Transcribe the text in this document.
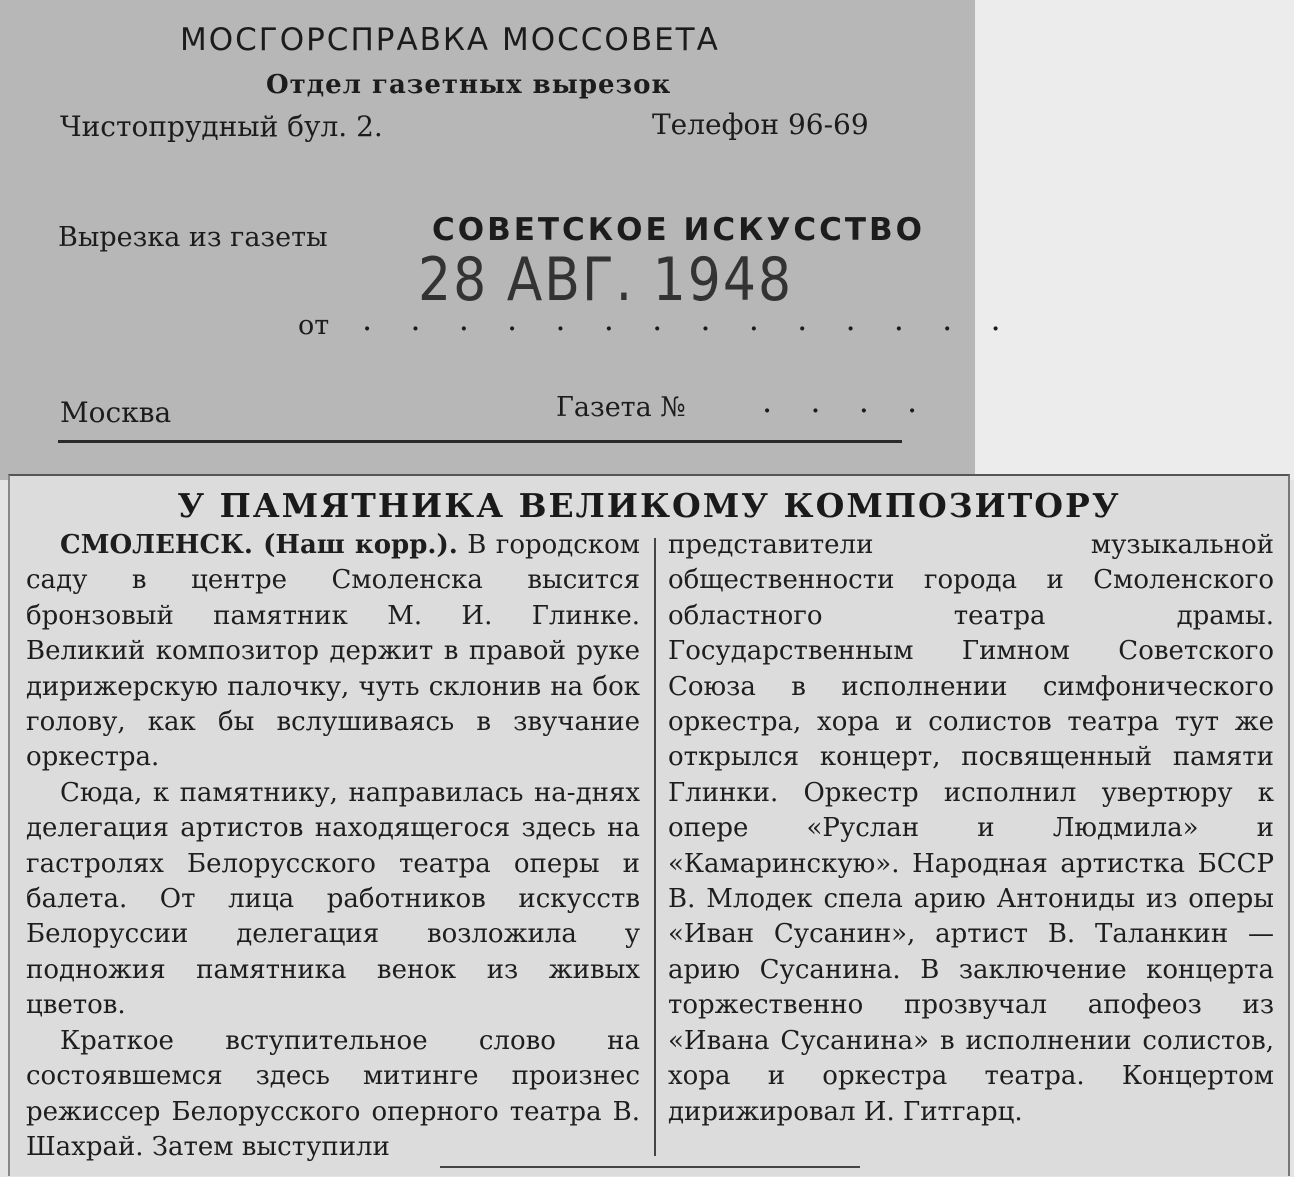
МОСГОРСПРАВКА МОССОВЕТА
Отдел газетных вырезок
Чистопрудный бул. 2.	Телефон 96-69
Вырезка из газеты	СОВЕТСКОЕ ИСКУССТВО
28 АВГ. 1948
от . . . . . . . . . . . . . .
Москва	Газета № . . . .
У ПАМЯТНИКА ВЕЛИКОМУ КОМПОЗИТОРУ

СМОЛЕНСК. (Наш корр.). В городском саду в центре Смоленска высится бронзовый памятник М. И. Глинке. Великий композитор держит в правой руке дирижерскую палочку, чуть склонив на бок голову, как бы вслушиваясь в звучание оркестра.

Сюда, к памятнику, направилась на-днях делегация артистов находящегося здесь на гастролях Белорусского театра оперы и балета. От лица работников искусств Белоруссии делегация возложила у подножия памятника венок из живых цветов.

Краткое вступительное слово на состоявшемся здесь митинге произнес режиссер Белорусского оперного театра В. Шахрай. Затем выступили

представители музыкальной общественности города и Смоленского областного театра драмы. Государственным Гимном Советского Союза в исполнении симфонического оркестра, хора и солистов театра тут же открылся концерт, посвященный памяти Глинки. Оркестр исполнил увертюру к опере «Руслан и Людмила» и «Камаринскую». Народная артистка БССР В. Млодек спела арию Антониды из оперы «Иван Сусанин», артист В. Таланкин — арию Сусанина. В заключение концерта торжественно прозвучал апофеоз из «Ивана Сусанина» в исполнении солистов, хора и оркестра театра. Концертом дирижировал И. Гитгарц.
